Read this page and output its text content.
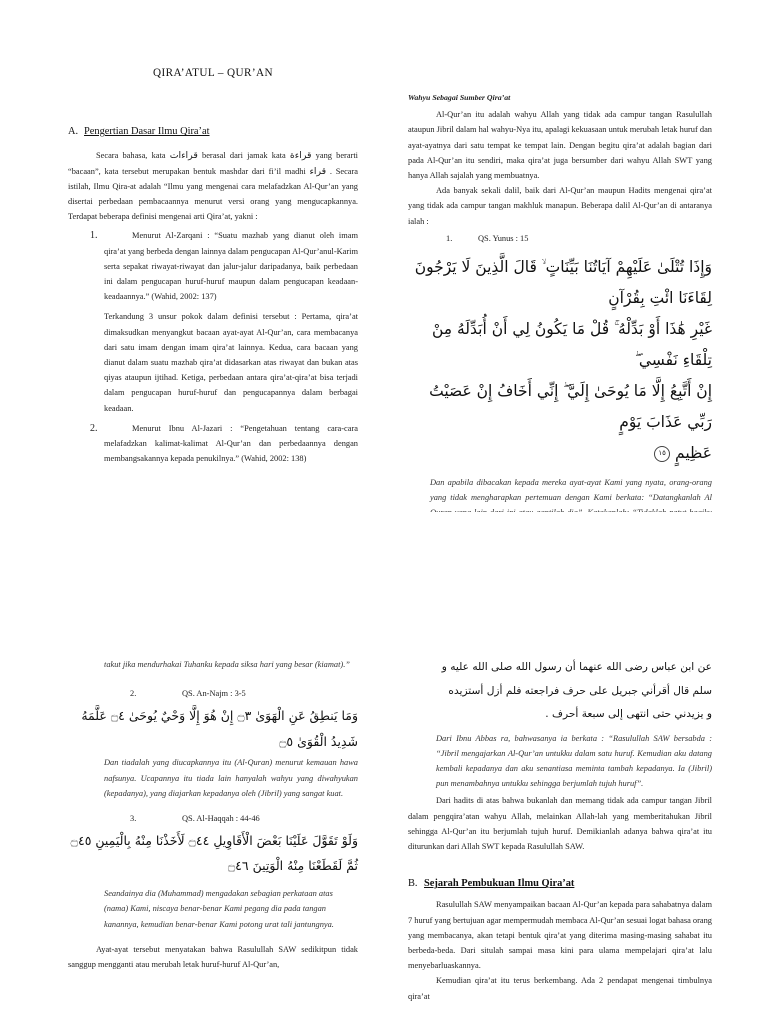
QIRA’ATUL – QUR’AN
A. Pengertian Dasar Ilmu Qira’at

Secara bahasa, kata قراءات berasal dari jamak kata قراءة yang berarti “bacaan”, kata tersebut merupakan bentuk mashdar dari fi’il madhi قراء . Secara istilah, Ilmu Qira-at adalah “Ilmu yang mengenai cara melafadzkan Al-Qur’an yang disertai perbedaan pembacaannya menurut versi orang yang mengucapkannya. Terdapat beberapa definisi mengenai arti Qira’at, yakni :

1.	Menurut Al-Zarqani : “Suatu mazhab yang dianut oleh imam qira’at yang berbeda dengan lainnya dalam pengucapan Al-Qur’anul-Karim serta sepakat riwayat-riwayat dan jalur-jalur daripadanya, baik perbedaan ini dalam pengucapan huruf-huruf maupun dalam pengucapan keadaan-keadaannya.” (Wahid, 2002: 137)

Terkandung 3 unsur pokok dalam definisi tersebut : Pertama, qira’at dimaksudkan menyangkut bacaan ayat-ayat Al-Qur’an, cara membacanya dari satu imam dengan imam qira’at lainnya. Kedua, cara bacaan yang dianut dalam suatu mazhab qira’at didasarkan atas riwayat dan bukan atas qiyas ataupun ijtihad. Ketiga, perbedaan antara qira’at-qira’at bisa terjadi dalam pengucapan huruf-huruf dan pengucapannya dalam berbagai keadaan.

2.	Menurut Ibnu Al-Jazari : “Pengetahuan tentang cara-cara melafadzkan kalimat-kalimat Al-Qur’an dan perbedaannya dengan membangsakannya kepada penukilnya.” (Wahid, 2002: 138)

Wahyu Sebagai Sumber Qira’at

Al-Qur’an itu adalah wahyu Allah yang tidak ada campur tangan Rasulullah ataupun Jibril dalam hal wahyu-Nya itu, apalagi kekuasaan untuk merubah letak huruf dan ayat-ayatnya dari satu tempat ke tempat lain. Dengan begitu qira’at adalah bagian dari pada Al-Qur’an itu sendiri, maka qira’at juga bersumber dari wahyu Allah SWT yang hanya Allah sajalah yang membuatnya.

Ada banyak sekali dalil, baik dari Al-Qur’an maupun Hadits mengenai qira’at yang tidak ada campur tangan makhluk manapun. Beberapa dalil Al-Qur’an di antaranya ialah :

1.	QS. Yunus : 15
وَإِذَا تُتْلَىٰ عَلَيْهِمْ آيَاتُنَا بَيِّنَاتٍ ۙ قَالَ الَّذِينَ لَا يَرْجُونَ لِقَاءَنَا ائْتِ بِقُرْآنٍ
غَيْرِ هَٰذَا أَوْ بَدِّلْهُ ۚ قُلْ مَا يَكُونُ لِي أَنْ أُبَدِّلَهُ مِنْ تِلْقَاءِ نَفْسِي ۖ
إِنْ أَتَّبِعُ إِلَّا مَا يُوحَىٰ إِلَيَّ ۖ إِنِّي أَخَافُ إِنْ عَصَيْتُ رَبِّي عَذَابَ يَوْمٍ
عَظِيمٍ ١٥

Dan apabila dibacakan kepada mereka ayat-ayat Kami yang nyata, orang-orang yang tidak mengharapkan pertemuan dengan Kami berkata: “Datangkanlah Al

takut jika mendurhakai Tuhanku kepada siksa hari yang besar (kiamat).”

2.	QS. An-Najm : 3-5
وَمَا يَنطِقُ عَنِ الْهَوَىٰ ۝٣ إِنْ هُوَ إِلَّا وَحْيٌ يُوحَىٰ ۝٤ عَلَّمَهُ شَدِيدُ الْقُوَىٰ ۝٥

Dan tiadalah yang diucapkannya itu (Al-Quran) menurut kemauan hawa nafsunya. Ucapannya itu tiada lain hanyalah wahyu yang diwahyukan (kepadanya), yang diajarkan kepadanya oleh (Jibril) yang sangat kuat.

3.	QS. Al-Haqqah : 44-46
وَلَوْ تَقَوَّلَ عَلَيْنَا بَعْضَ الْأَقَاوِيلِ ۝٤٤ لَأَخَذْنَا مِنْهُ بِالْيَمِينِ ۝٤٥
ثُمَّ لَقَطَعْنَا مِنْهُ الْوَتِينَ ۝٤٦

Seandainya dia (Muhammad) mengadakan sebagian perkataan atas (nama) Kami, niscaya benar-benar Kami pegang dia pada tangan kanannya, kemudian benar-benar Kami potong urat tali jantungnya.

Ayat-ayat tersebut menyatakan bahwa Rasulullah SAW sedikitpun tidak sanggup mengganti atau merubah letak huruf-huruf Al-Qur’an,

عن ابن عباس رضى الله عنهما أن رسول الله صلى الله عليه و
سلم قال أقرأني جبريل على حرف فراجعته فلم أزل أستزيده
و يزيدني حتى انتهى إلى سبعة أحرف .

Dari Ibnu Abbas ra, bahwasanya ia berkata : “Rasulullah SAW bersabda : “Jibril mengajarkan Al-Qur’an untukku dalam satu huruf. Kemudian aku datang kembali kepadanya dan aku senantiasa meminta tambah kepadanya. Ia (Jibril) pun menambahnya untukku sehingga berjumlah tujuh huruf”.

Dari hadits di atas bahwa bukanlah dan memang tidak ada campur tangan Jibril dalam pengqira’atan wahyu Allah, melainkan Allah-lah yang memberitahukan Jibril sehingga Al-Qur’an itu berjumlah tujuh huruf. Demikianlah adanya bahwa qira’at itu diturunkan dari Allah SWT kepada Rasulullah SAW.

B. Sejarah Pembukuan Ilmu Qira’at

Rasulullah SAW menyampaikan bacaan Al-Qur’an kepada para sahabatnya dalam 7 huruf yang bertujuan agar mempermudah membaca Al-Qur’an sesuai logat bahasa orang yang membacanya, akan tetapi bentuk qira’at yang diterima masing-masing sahabat itu berbeda-beda. Dari situlah sampai masa kini para ulama mempelajari qira’at lalu menyebarluaskannya.

Kemudian qira’at itu terus berkembang. Ada 2 pendapat mengenai timbulnya qira’at
